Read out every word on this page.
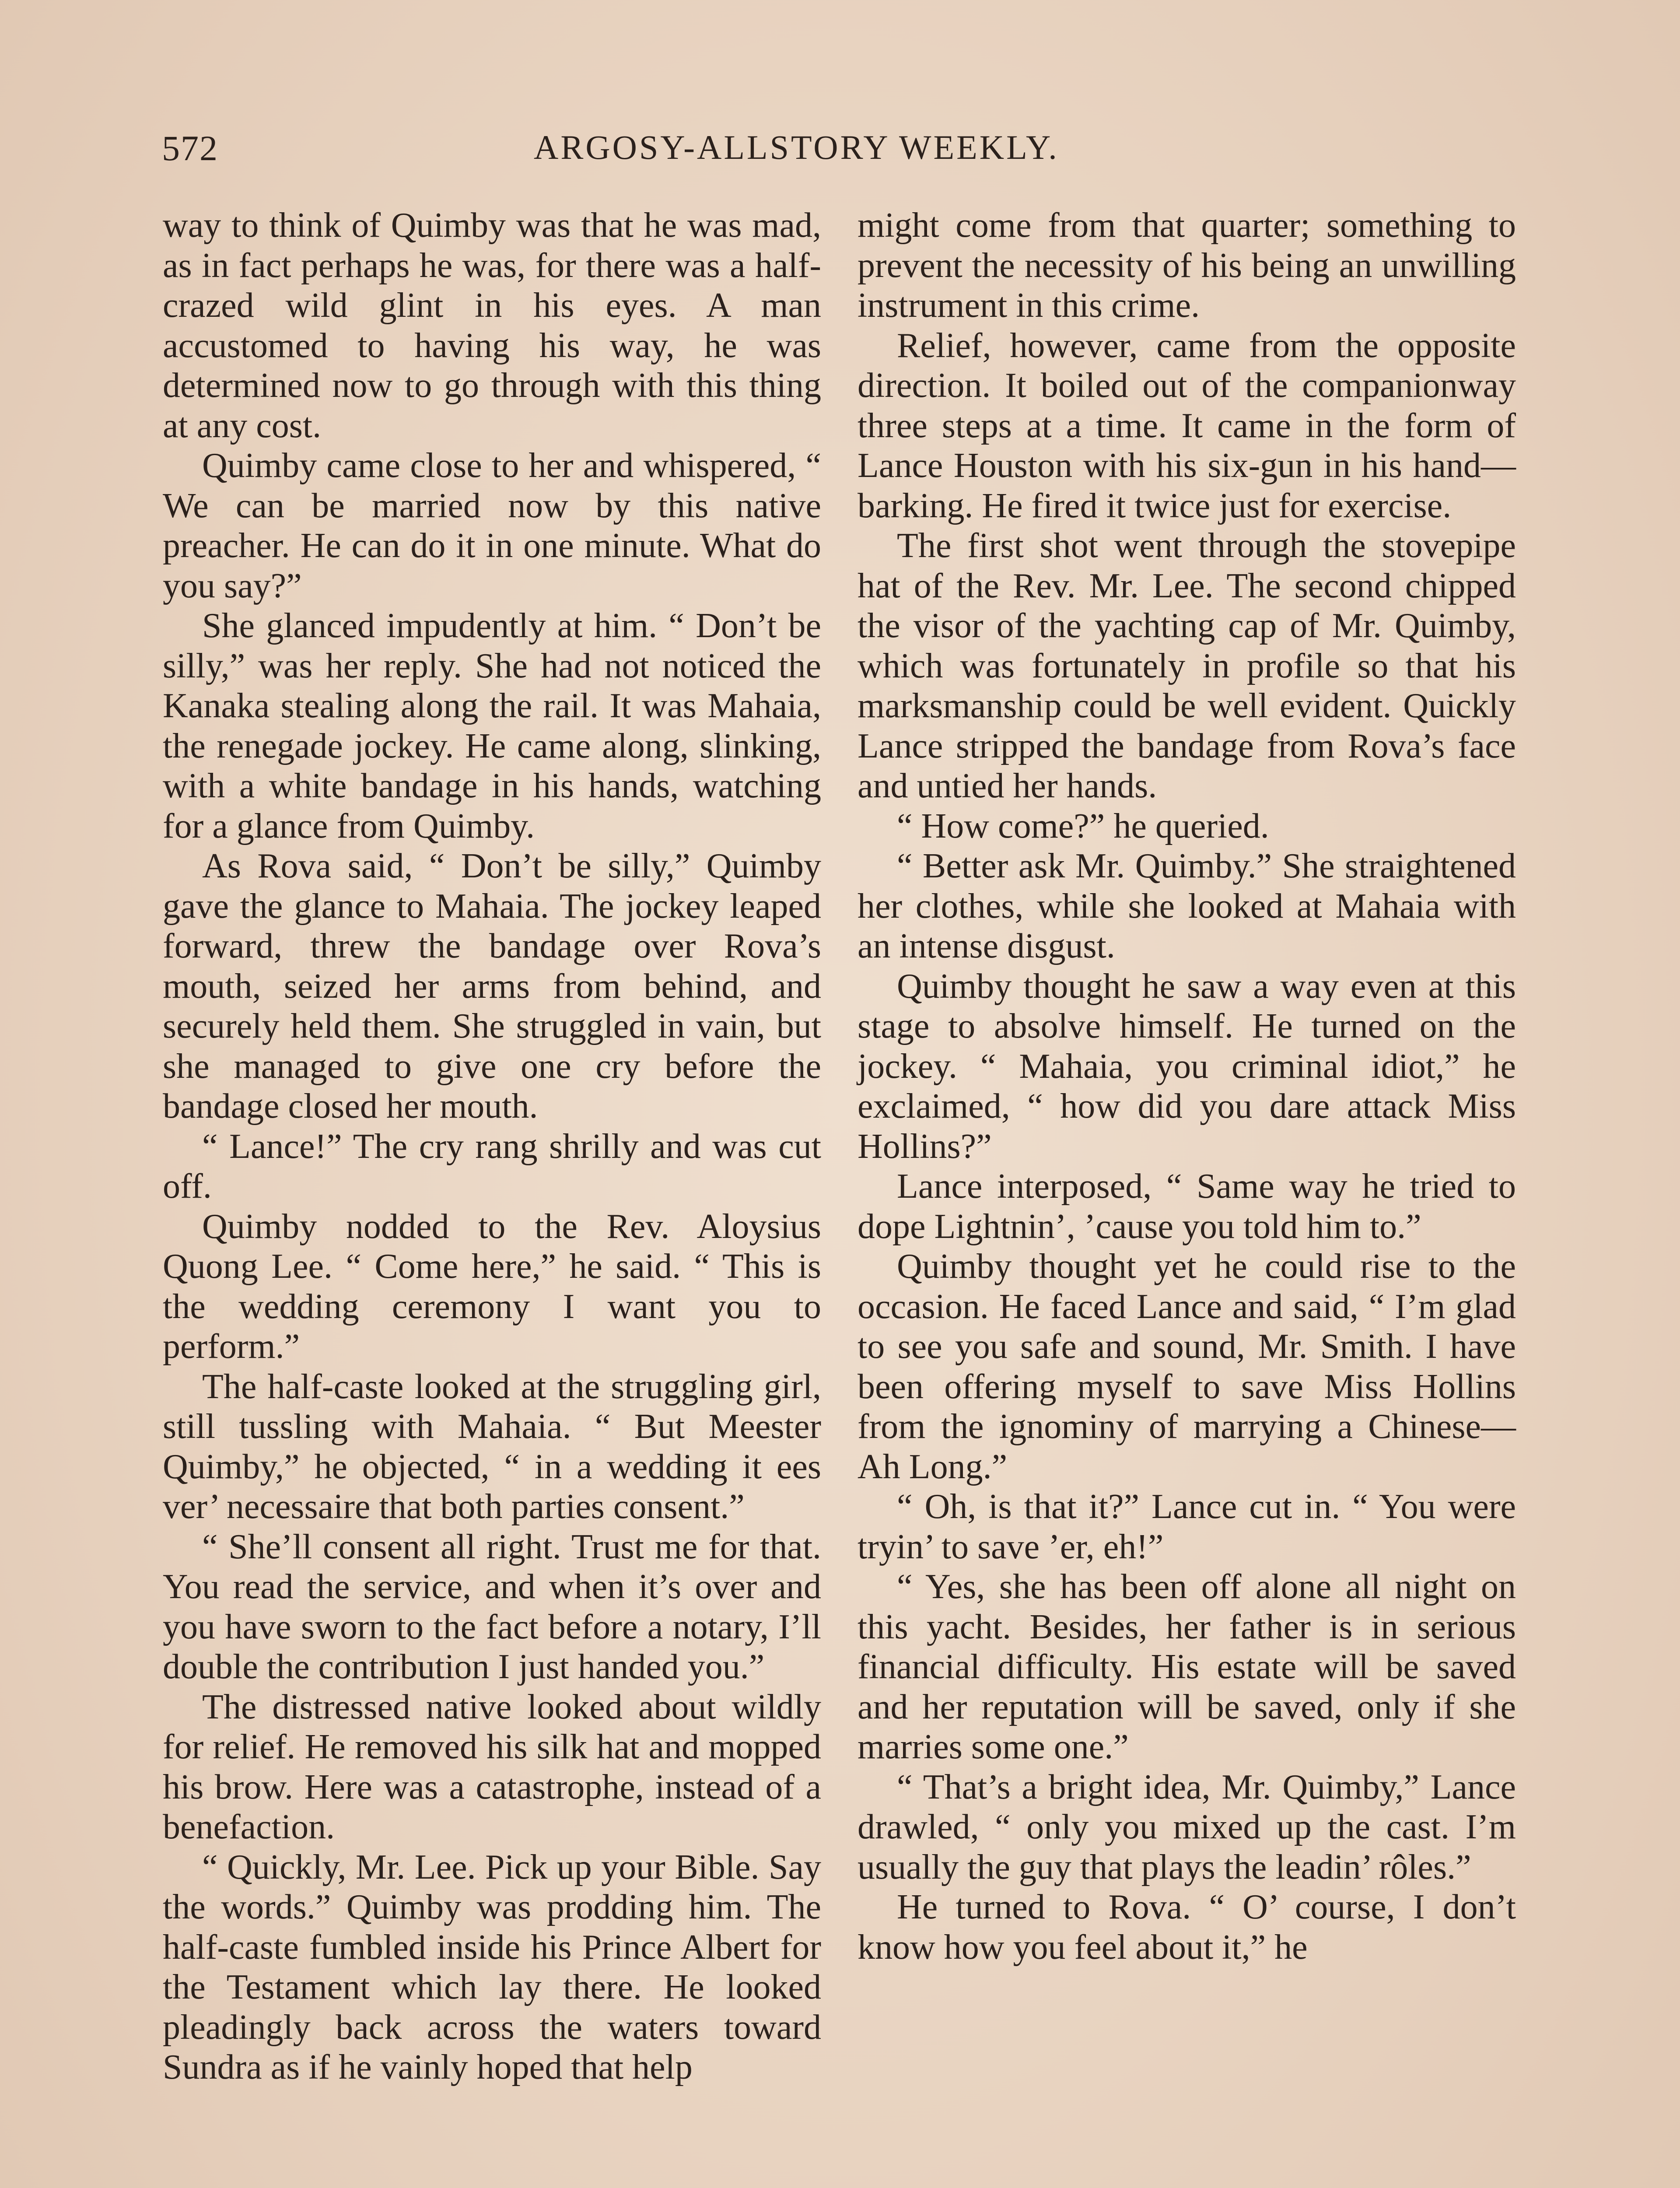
572	ARGOSY-ALLSTORY WEEKLY.

way to think of Quimby was that he was mad, as in fact perhaps he was, for there was a half-crazed wild glint in his eyes. A man accustomed to having his way, he was determined now to go through with this thing at any cost.

Quimby came close to her and whispered, “ We can be married now by this native preacher. He can do it in one minute. What do you say?”

She glanced impudently at him. “ Don’t be silly,” was her reply. She had not noticed the Kanaka stealing along the rail. It was Mahaia, the renegade jockey. He came along, slinking, with a white bandage in his hands, watching for a glance from Quimby.

As Rova said, “ Don’t be silly,” Quimby gave the glance to Mahaia. The jockey leaped forward, threw the bandage over Rova’s mouth, seized her arms from behind, and securely held them. She struggled in vain, but she managed to give one cry before the bandage closed her mouth.

“ Lance!” The cry rang shrilly and was cut off.

Quimby nodded to the Rev. Aloysius Quong Lee. “ Come here,” he said. “ This is the wedding ceremony I want you to perform.”

The half-caste looked at the struggling girl, still tussling with Mahaia. “ But Meester Quimby,” he objected, “ in a wedding it ees ver’ necessaire that both parties consent.”

“ She’ll consent all right. Trust me for that. You read the service, and when it’s over and you have sworn to the fact before a notary, I’ll double the contribution I just handed you.”

The distressed native looked about wildly for relief. He removed his silk hat and mopped his brow. Here was a catastrophe, instead of a benefaction.

“ Quickly, Mr. Lee. Pick up your Bible. Say the words.” Quimby was prodding him. The half-caste fumbled inside his Prince Albert for the Testament which lay there. He looked pleadingly back across the waters toward Sundra as if he vainly hoped that help

might come from that quarter; something to prevent the necessity of his being an unwilling instrument in this crime.

Relief, however, came from the opposite direction. It boiled out of the companionway three steps at a time. It came in the form of Lance Houston with his six-gun in his hand—barking. He fired it twice just for exercise.

The first shot went through the stovepipe hat of the Rev. Mr. Lee. The second chipped the visor of the yachting cap of Mr. Quimby, which was fortunately in profile so that his marksmanship could be well evident. Quickly Lance stripped the bandage from Rova’s face and untied her hands.

“ How come?” he queried.

“ Better ask Mr. Quimby.” She straightened her clothes, while she looked at Mahaia with an intense disgust.

Quimby thought he saw a way even at this stage to absolve himself. He turned on the jockey. “ Mahaia, you criminal idiot,” he exclaimed, “ how did you dare attack Miss Hollins?”

Lance interposed, “ Same way he tried to dope Lightnin’, ’cause you told him to.”

Quimby thought yet he could rise to the occasion. He faced Lance and said, “ I’m glad to see you safe and sound, Mr. Smith. I have been offering myself to save Miss Hollins from the ignominy of marrying a Chinese—Ah Long.”

“ Oh, is that it?” Lance cut in. “ You were tryin’ to save ’er, eh!”

“ Yes, she has been off alone all night on this yacht. Besides, her father is in serious financial difficulty. His estate will be saved and her reputation will be saved, only if she marries some one.”

“ That’s a bright idea, Mr. Quimby,” Lance drawled, “ only you mixed up the cast. I’m usually the guy that plays the leadin’ rôles.”

He turned to Rova. “ O’ course, I don’t know how you feel about it,” he
